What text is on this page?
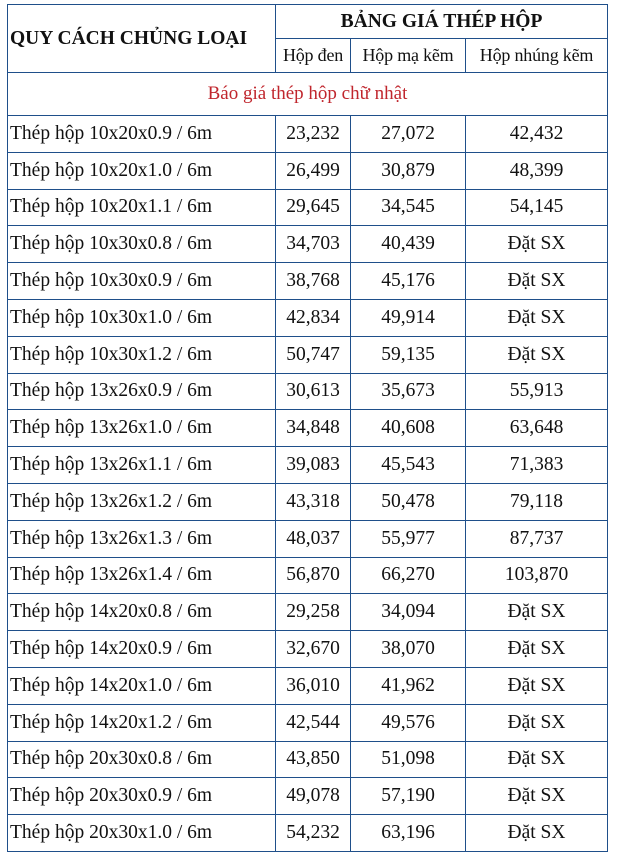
QUY CÁCH CHỦNG LOẠI	BẢNG GIÁ THÉP HỘP		
	Hộp đen	Hộp mạ kẽm	Hộp nhúng kẽm
Báo giá thép hộp chữ nhật			
Thép hộp 10x20x0.9 / 6m	23,232	27,072	42,432
Thép hộp 10x20x1.0 / 6m	26,499	30,879	48,399
Thép hộp 10x20x1.1 / 6m	29,645	34,545	54,145
Thép hộp 10x30x0.8 / 6m	34,703	40,439	Đặt SX
Thép hộp 10x30x0.9 / 6m	38,768	45,176	Đặt SX
Thép hộp 10x30x1.0 / 6m	42,834	49,914	Đặt SX
Thép hộp 10x30x1.2 / 6m	50,747	59,135	Đặt SX
Thép hộp 13x26x0.9 / 6m	30,613	35,673	55,913
Thép hộp 13x26x1.0 / 6m	34,848	40,608	63,648
Thép hộp 13x26x1.1 / 6m	39,083	45,543	71,383
Thép hộp 13x26x1.2 / 6m	43,318	50,478	79,118
Thép hộp 13x26x1.3 / 6m	48,037	55,977	87,737
Thép hộp 13x26x1.4 / 6m	56,870	66,270	103,870
Thép hộp 14x20x0.8 / 6m	29,258	34,094	Đặt SX
Thép hộp 14x20x0.9 / 6m	32,670	38,070	Đặt SX
Thép hộp 14x20x1.0 / 6m	36,010	41,962	Đặt SX
Thép hộp 14x20x1.2 / 6m	42,544	49,576	Đặt SX
Thép hộp 20x30x0.8 / 6m	43,850	51,098	Đặt SX
Thép hộp 20x30x0.9 / 6m	49,078	57,190	Đặt SX
Thép hộp 20x30x1.0 / 6m	54,232	63,196	Đặt SX
